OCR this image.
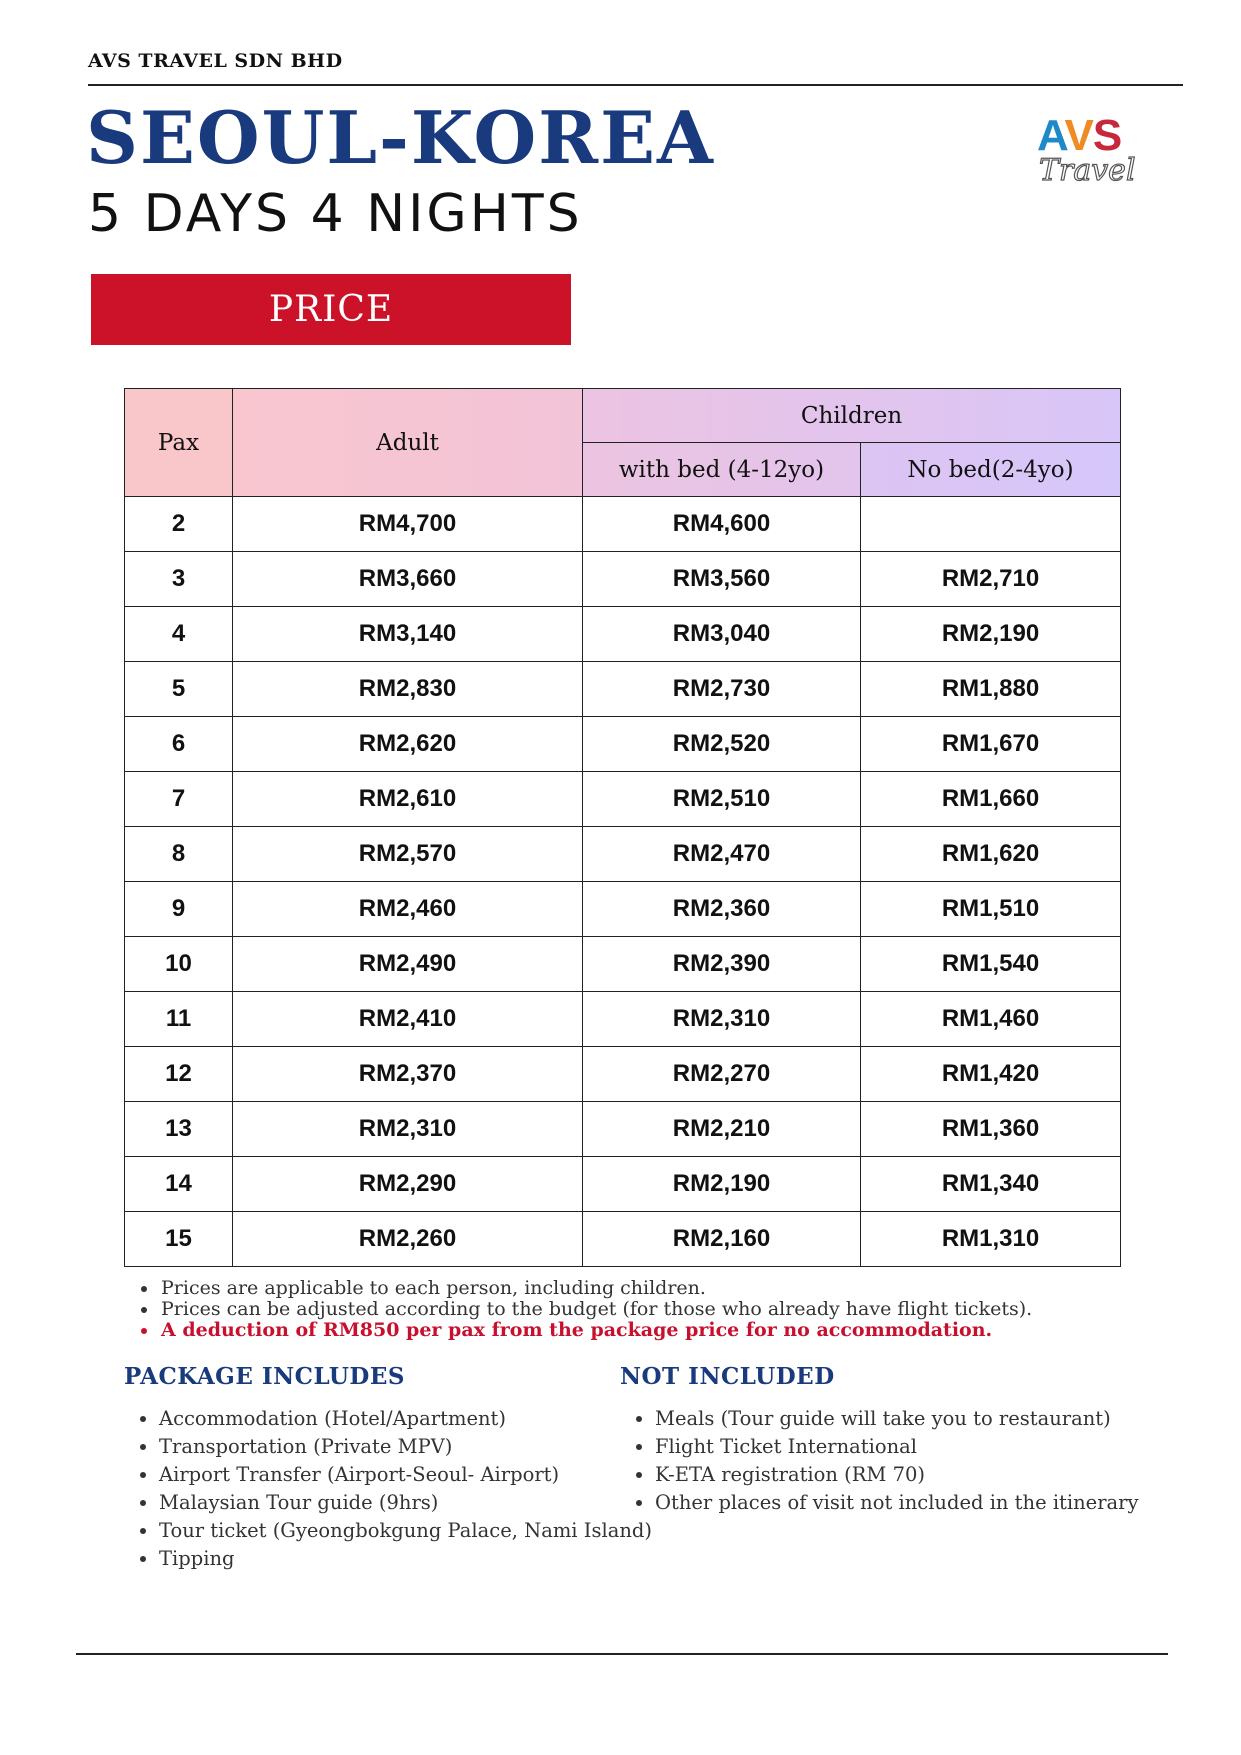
AVS TRAVEL SDN BHD
SEOUL-KOREA
5 DAYS 4 NIGHTS
AVS
Travel
PRICE
Pax	Adult	Children	
		with bed (4-12yo)	No bed(2-4yo)
2	RM4,700	RM4,600	
3	RM3,660	RM3,560	RM2,710
4	RM3,140	RM3,040	RM2,190
5	RM2,830	RM2,730	RM1,880
6	RM2,620	RM2,520	RM1,670
7	RM2,610	RM2,510	RM1,660
8	RM2,570	RM2,470	RM1,620
9	RM2,460	RM2,360	RM1,510
10	RM2,490	RM2,390	RM1,540
11	RM2,410	RM2,310	RM1,460
12	RM2,370	RM2,270	RM1,420
13	RM2,310	RM2,210	RM1,360
14	RM2,290	RM2,190	RM1,340
15	RM2,260	RM2,160	RM1,310
• Prices are applicable to each person, including children.
• Prices can be adjusted according to the budget (for those who already have flight tickets).
• A deduction of RM850 per pax from the package price for no accommodation.
PACKAGE INCLUDES
• Accommodation (Hotel/Apartment)
• Transportation (Private MPV)
• Airport Transfer (Airport-Seoul- Airport)
• Malaysian Tour guide (9hrs)
• Tour ticket (Gyeongbokgung Palace, Nami Island)
• Tipping
NOT INCLUDED
• Meals (Tour guide will take you to restaurant)
• Flight Ticket International
• K-ETA registration (RM 70)
• Other places of visit not included in the itinerary
